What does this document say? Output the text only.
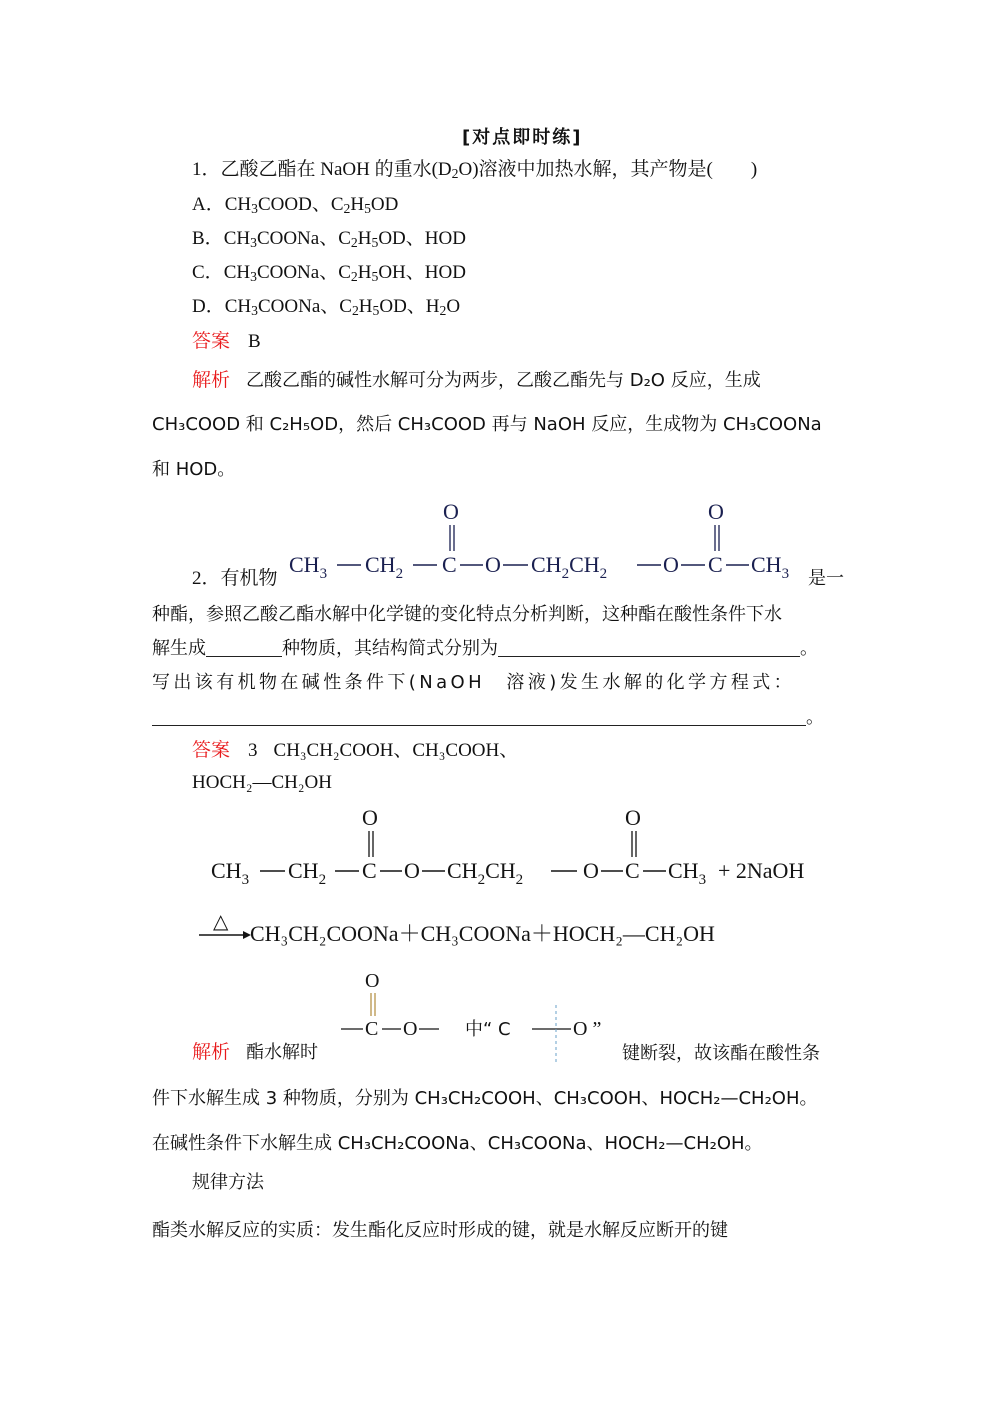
[对点即时练]
1．乙酸乙酯在 NaOH 的重水$(D_2O)$溶液中加热水解，其产物是(　　)
A．$CH_3COOD$、$C_2H_5OD$
B．$CH_3COONa$、$C_2H_5OD$、HOD
C．$CH_3COONa$、$C_2H_5OH$、HOD
D．$CH_3COONa$、$C_2H_5OD$、$H_2O$
答案 B
解析 乙酸乙酯的碱性水解可分为两步，乙酸乙酯先与 D₂O 反应，生成
CH₃COOD 和 C₂H₅OD，然后 CH₃COOD 再与 NaOH 反应，生成物为 CH₃COONa
和 HOD。
2．有机物
$CH_3$ $CH_2$ C
O
O $CH_2CH_2$	O C
O
$CH_3$ 是一
种酯，参照乙酸乙酯水解中化学键的变化特点分析判断，这种酯在酸性条件下水
解生成	种物质，其结构简式分别为	。
写出该有机物在碱性条件下(NaOH　溶液)发生水解的化学方程式：
。
答案 3 CH₃CH₂COOH、CH₃COOH、
HOCH₂—CH₂OH
$CH_3$ $CH_2$ C
O
O $CH_2CH_2$	O C
O
$CH_3$ + 2NaOH
△ CH₃CH₂COONa＋CH₃COONa＋HOCH₂—CH₂OH
解析 酯水解时
C
O
O	中“ C	O ”
键断裂，故该酯在酸性条
件下水解生成 3 种物质，分别为 CH₃CH₂COOH、CH₃COOH、HOCH₂—CH₂OH。
在碱性条件下水解生成 CH₃CH₂COONa、CH₃COONa、HOCH₂—CH₂OH。
规律方法
酯类水解反应的实质：发生酯化反应时形成的键，就是水解反应断开的键
